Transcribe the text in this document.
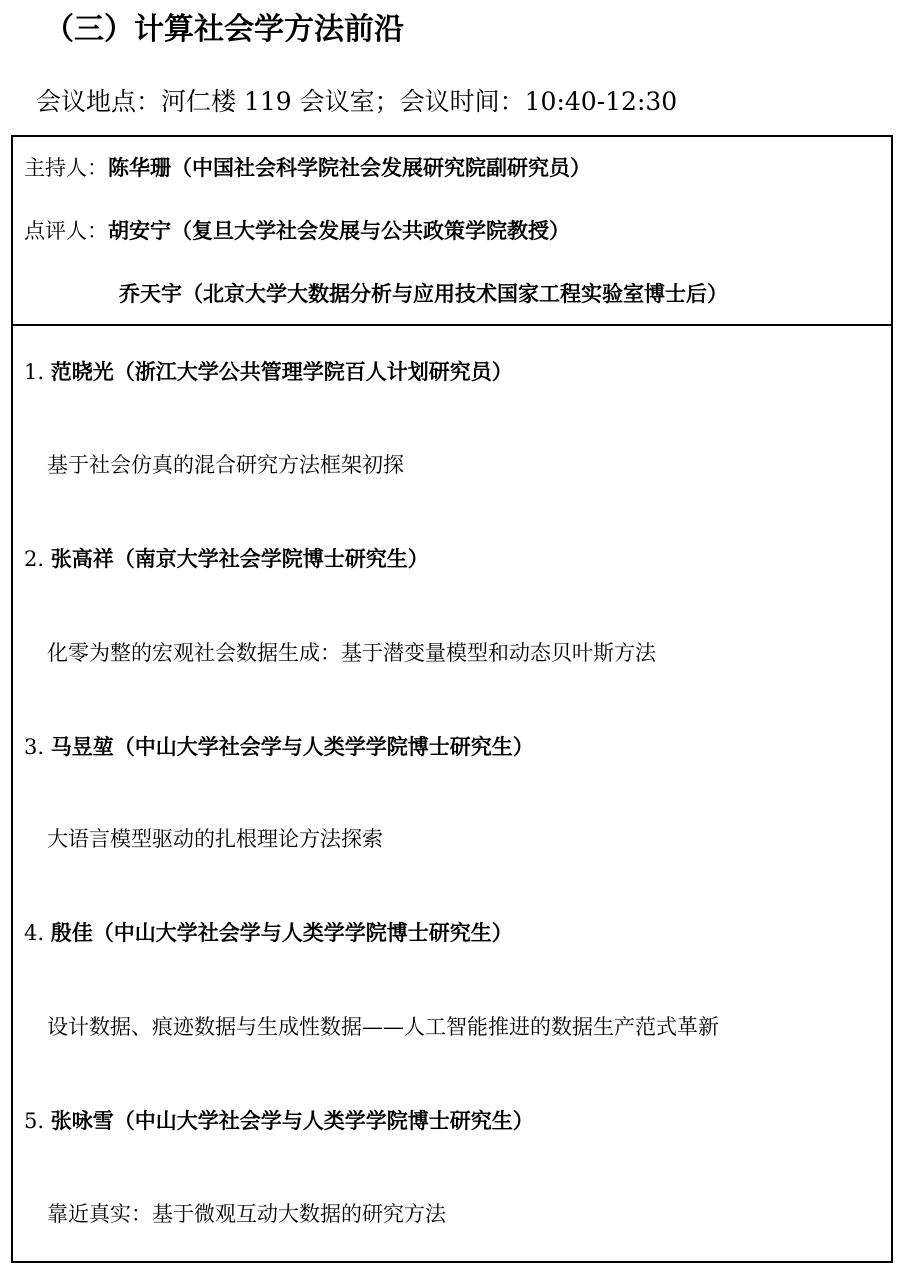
（三）计算社会学方法前沿
会议地点：河仁楼 119 会议室；会议时间：10:40-12:30
主持人：陈华珊（中国社会科学院社会发展研究院副研究员）
点评人：胡安宁（复旦大学社会发展与公共政策学院教授）
乔天宇（北京大学大数据分析与应用技术国家工程实验室博士后）
1. 范晓光（浙江大学公共管理学院百人计划研究员）
基于社会仿真的混合研究方法框架初探
2. 张高祥（南京大学社会学院博士研究生）
化零为整的宏观社会数据生成：基于潜变量模型和动态贝叶斯方法
3. 马昱堃（中山大学社会学与人类学学院博士研究生）
大语言模型驱动的扎根理论方法探索
4. 殷佳（中山大学社会学与人类学学院博士研究生）
设计数据、痕迹数据与生成性数据——人工智能推进的数据生产范式革新
5. 张咏雪（中山大学社会学与人类学学院博士研究生）
靠近真实：基于微观互动大数据的研究方法
